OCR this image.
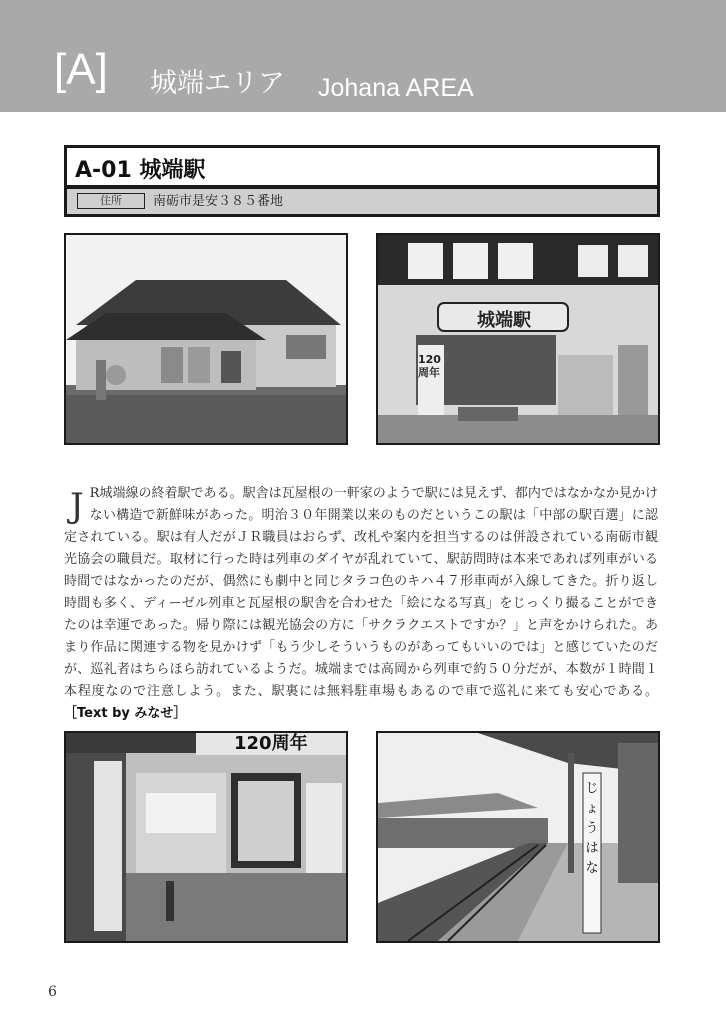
[A] 城端エリア Johana AREA
A-01 城端駅
住所	南砺市是安３８５番地
城端駅
120周年
J R城端線の終着駅である。駅舎は瓦屋根の一軒家のようで駅には見えず、都内ではなかなか見かけない構造で新鮮味があった。明治３０年開業以来のものだというこの駅は「中部の駅百選」に認定されている。駅は有人だがＪＲ職員はおらず、改札や案内を担当するのは併設されている南砺市観光協会の職員だ。取材に行った時は列車のダイヤが乱れていて、駅訪問時は本来であれば列車がいる時間ではなかったのだが、偶然にも劇中と同じタラコ色のキハ４７形車両が入線してきた。折り返し時間も多く、ディーゼル列車と瓦屋根の駅舎を合わせた「絵になる写真」をじっくり撮ることができたのは幸運であった。帰り際には観光協会の方に「サクラクエストですか？」と声をかけられた。あまり作品に関連する物を見かけず「もう少しそういうものがあってもいいのでは」と感じていたのだが、巡礼者はちらほら訪れているようだ。城端までは高岡から列車で約５０分だが、本数が１時間１本程度なので注意しよう。また、駅裏には無料駐車場もあるので車で巡礼に来ても安心である。 ［Text by みなせ］
120周年
じょうはな
6
